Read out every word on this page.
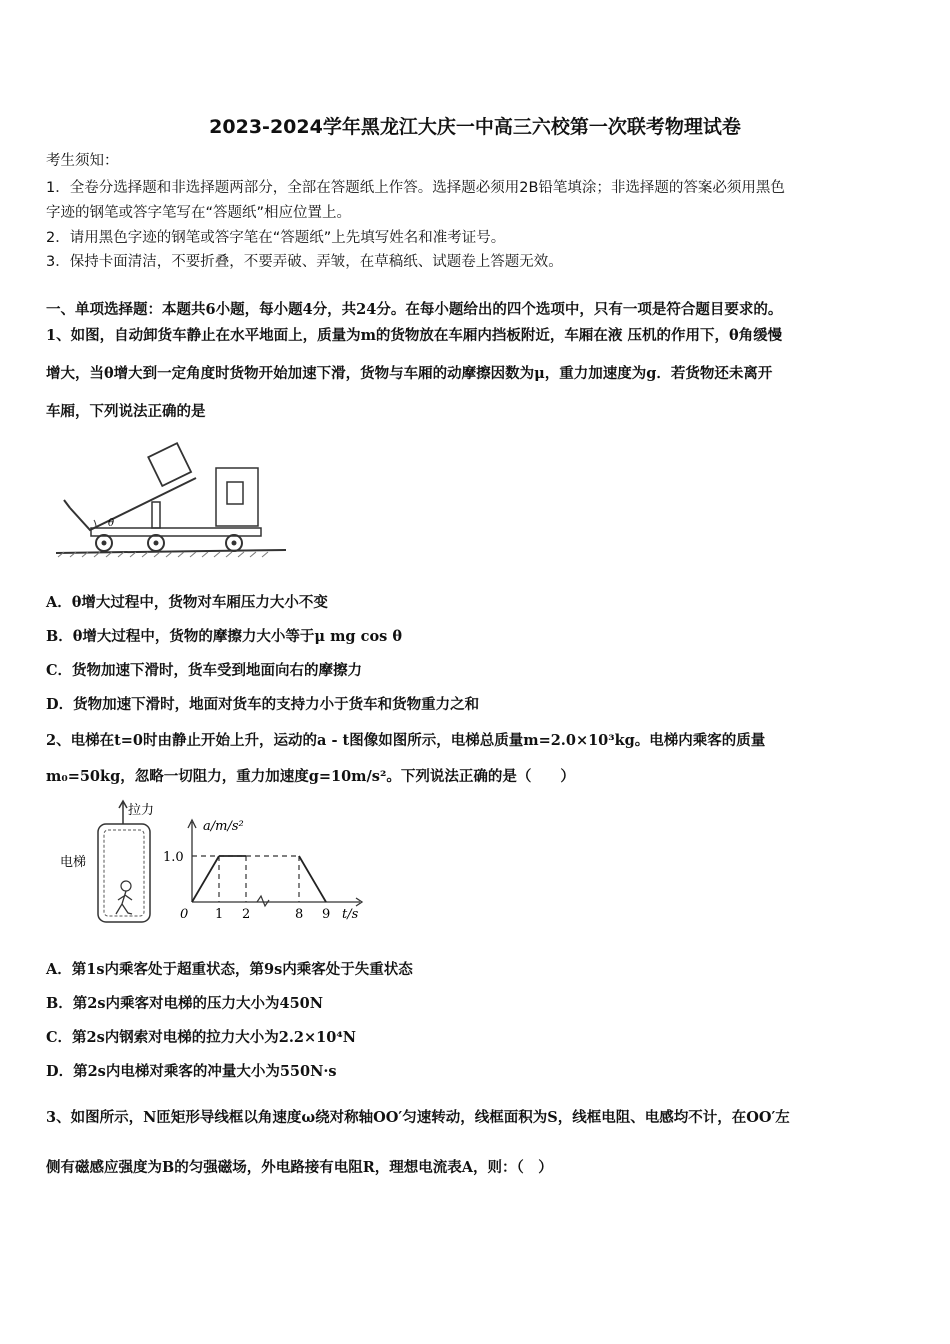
2023-2024学年黑龙江大庆一中高三六校第一次联考物理试卷
考生须知：
1．全卷分选择题和非选择题两部分，全部在答题纸上作答。选择题必须用2B铅笔填涂；非选择题的答案必须用黑色
字迹的钢笔或答字笔写在“答题纸”相应位置上。
2．请用黑色字迹的钢笔或答字笔在“答题纸”上先填写姓名和准考证号。
3．保持卡面清洁，不要折叠，不要弄破、弄皱，在草稿纸、试题卷上答题无效。
一、单项选择题：本题共6小题，每小题4分，共24分。在每小题给出的四个选项中，只有一项是符合题目要求的。
1、如图，自动卸货车静止在水平地面上，质量为m的货物放在车厢内挡板附近，车厢在液 压机的作用下，θ角缓慢
增大，当θ增大到一定角度时货物开始加速下滑，货物与车厢的动摩擦因数为μ，重力加速度为g．若货物还未离开
车厢，下列说法正确的是
θ
A．θ增大过程中，货物对车厢压力大小不变
B．θ增大过程中，货物的摩擦力大小等于μ mg cos θ
C．货物加速下滑时，货车受到地面向右的摩擦力
D．货物加速下滑时，地面对货车的支持力小于货车和货物重力之和
2、电梯在t=0时由静止开始上升，运动的a - t图像如图所示，电梯总质量m=2.0×10³kg。电梯内乘客的质量
m₀=50kg，忽略一切阻力，重力加速度g=10m/s²。下列说法正确的是（　　）
拉力
电梯
a/m/s²
t/s
0 1 2	8 9
1.0
A．第1s内乘客处于超重状态，第9s内乘客处于失重状态
B．第2s内乘客对电梯的压力大小为450N
C．第2s内钢索对电梯的拉力大小为2.2×10⁴N
D．第2s内电梯对乘客的冲量大小为550N·s
3、如图所示，N匝矩形导线框以角速度ω绕对称轴OO′匀速转动，线框面积为S，线框电阻、电感均不计，在OO′左
侧有磁感应强度为B的匀强磁场，外电路接有电阻R，理想电流表A，则：（　）
